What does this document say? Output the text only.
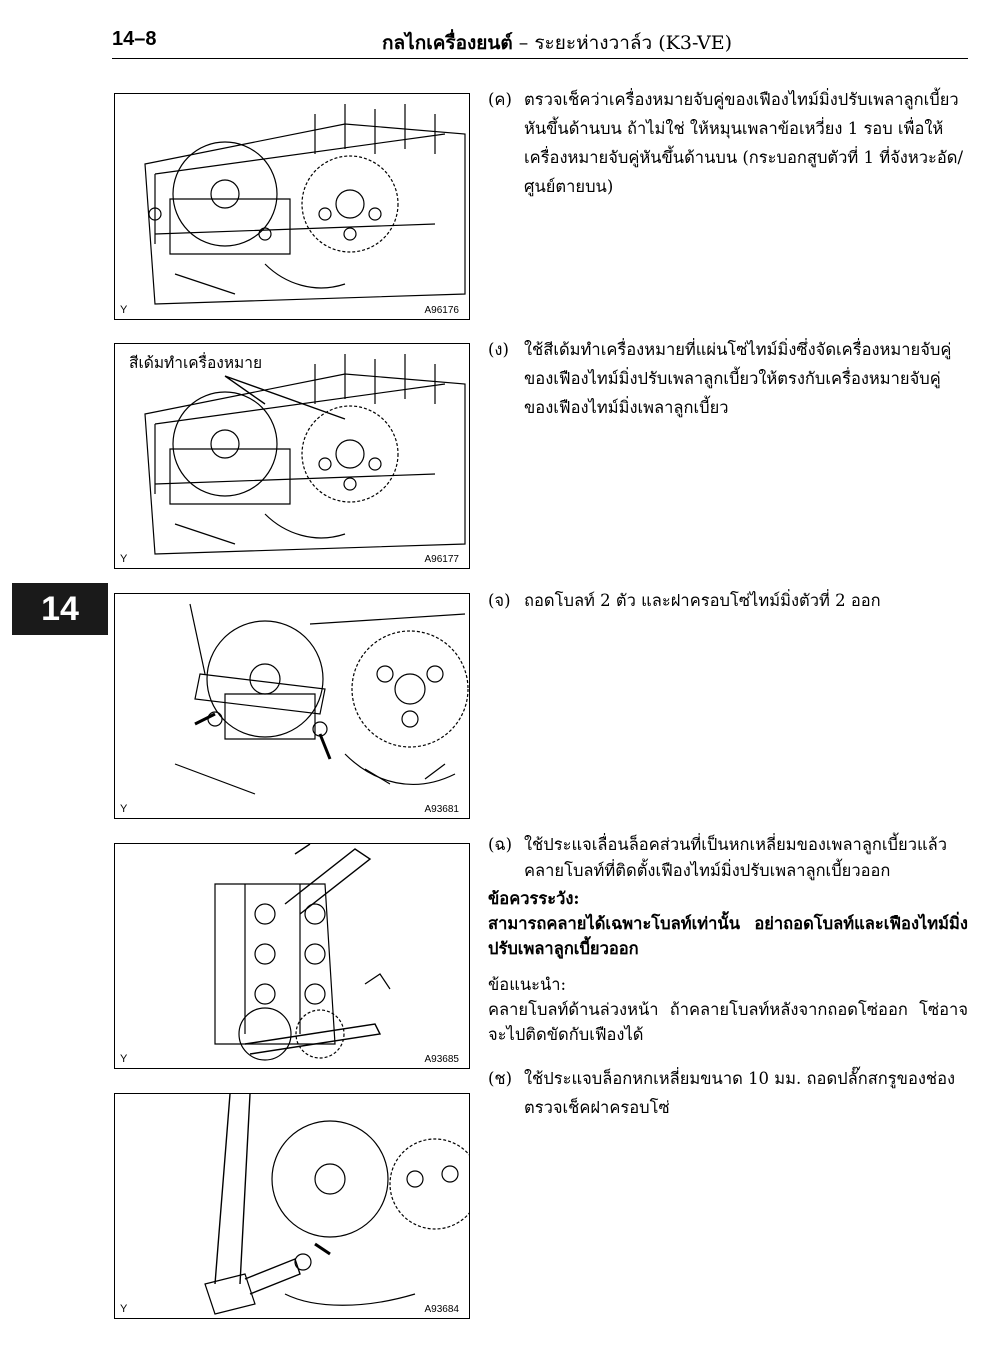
14–8	กลไกเครื่องยนต์ – ระยะห่างวาล์ว (K3-VE)
14
Y	A96176
สีเด้มทำเครื่องหมาย
Y	A96177
Y	A93681
Y	A93685
Y	A93684
(ค) ตรวจเช็คว่าเครื่องหมายจับคู่ของเฟืองไทม์มิ่งปรับเพลาลูกเบี้ยวหันขึ้นด้านบน ถ้าไม่ใช่ ให้หมุนเพลาข้อเหวี่ยง 1 รอบ เพื่อให้เครื่องหมายจับคู่หันขึ้นด้านบน (กระบอกสูบตัวที่ 1 ที่จังหวะอัด/ศูนย์ตายบน)
(ง) ใช้สีเด้มทำเครื่องหมายที่แผ่นโซ่ไทม์มิ่งซึ่งจัดเครื่องหมายจับคู่ของเฟืองไทม์มิ่งปรับเพลาลูกเบี้ยวให้ตรงกับเครื่องหมายจับคู่ของเฟืองไทม์มิ่งเพลาลูกเบี้ยว
(จ) ถอดโบลท์ 2 ตัว และฝาครอบโซ่ไทม์มิ่งตัวที่ 2 ออก
(ฉ) ใช้ประแจเลื่อนล็อคส่วนที่เป็นหกเหลี่ยมของเพลาลูกเบี้ยวแล้วคลายโบลท์ที่ติดตั้งเฟืองไทม์มิ่งปรับเพลาลูกเบี้ยวออก
ข้อควรระวัง:
สามารถคลายได้เฉพาะโบลท์เท่านั้น อย่าถอดโบลท์และเฟืองไทม์มิ่งปรับเพลาลูกเบี้ยวออก
ข้อแนะนำ:
คลายโบลท์ด้านล่วงหน้า ถ้าคลายโบลท์หลังจากถอดโซ่ออก โซ่อาจจะไปติดขัดกับเฟืองได้
(ช) ใช้ประแจบล็อกหกเหลี่ยมขนาด 10 มม. ถอดปลั๊กสกรูของช่องตรวจเช็คฝาครอบโซ่
